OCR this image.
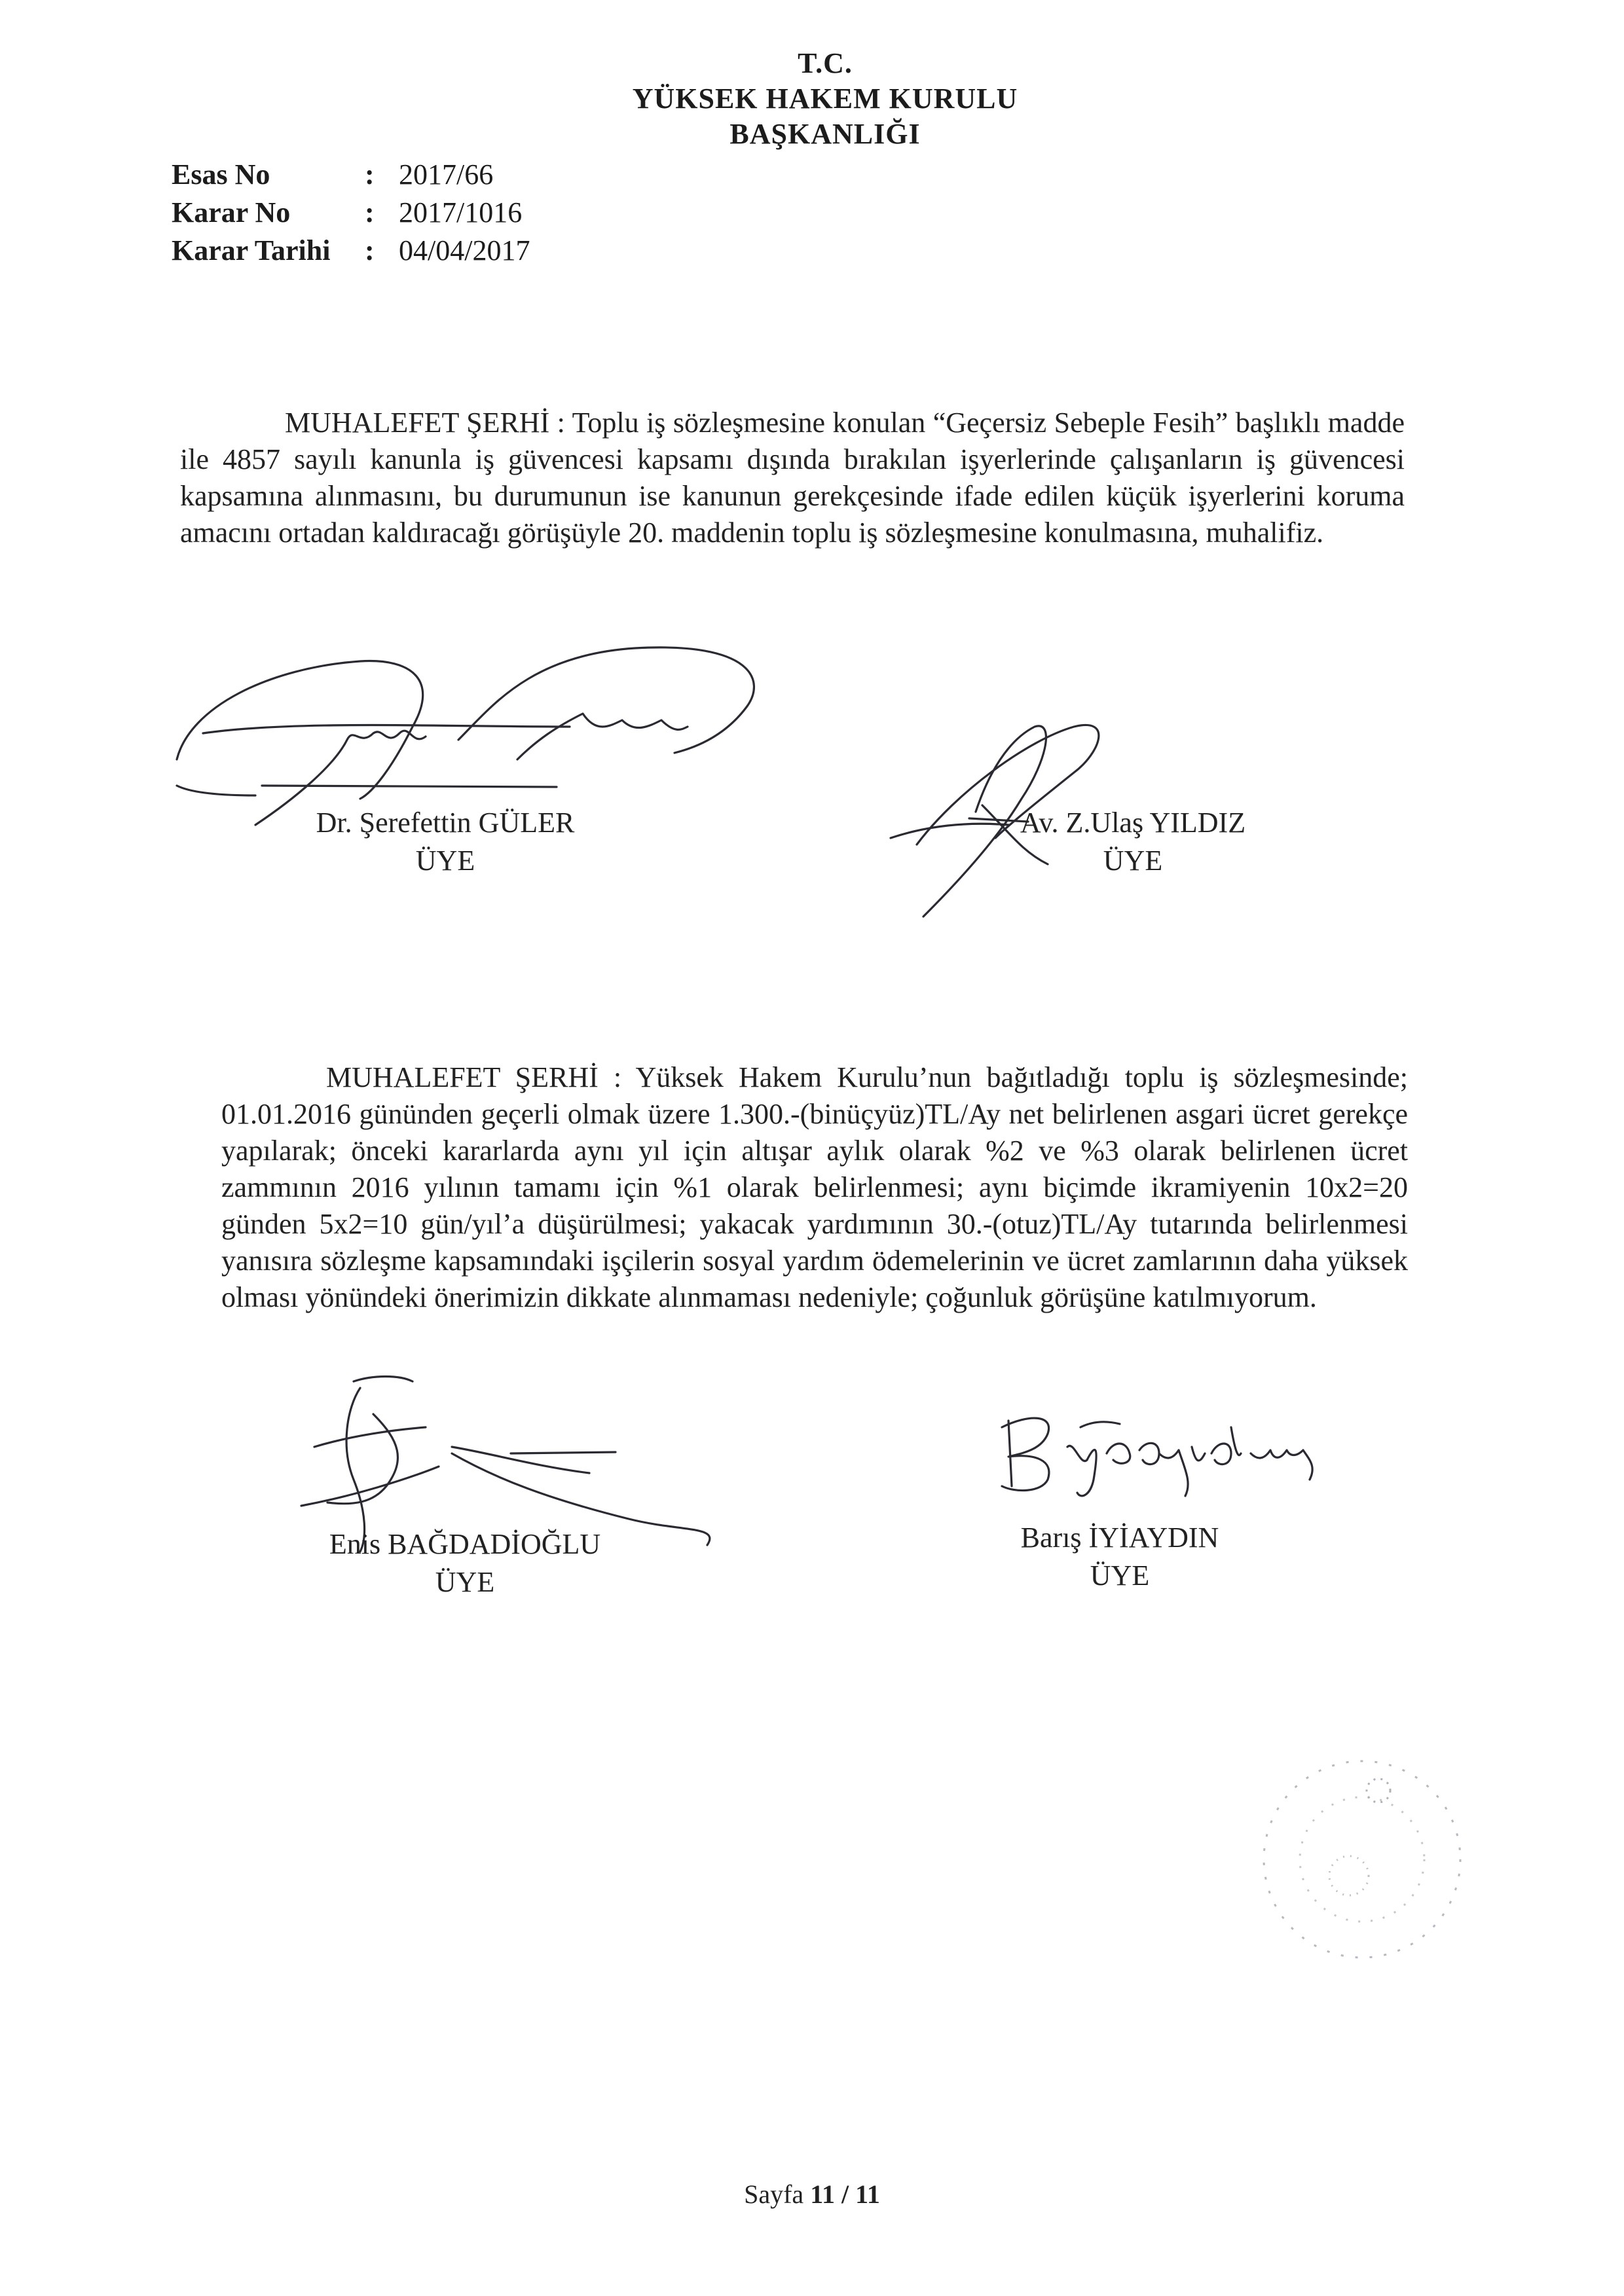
T.C.
YÜKSEK HAKEM KURULU
BAŞKANLIĞI
Esas No	: 2017/66
Karar No	: 2017/1016
Karar Tarihi	: 04/04/2017
MUHALEFET ŞERHİ : Toplu iş sözleşmesine konulan “Geçersiz Sebeple Fesih” başlıklı madde ile 4857 sayılı kanunla iş güvencesi kapsamı dışında bırakılan işyerlerinde çalışanların iş güvencesi kapsamına alınmasını, bu durumunun ise kanunun gerekçesinde ifade edilen küçük işyerlerini koruma amacını ortadan kaldıracağı görüşüyle 20. maddenin toplu iş sözleşmesine konulmasına, muhalifiz.
Dr. Şerefettin GÜLER
ÜYE
Av. Z.Ulaş YILDIZ
ÜYE
MUHALEFET ŞERHİ : Yüksek Hakem Kurulu’nun bağıtladığı toplu iş sözleşmesinde; 01.01.2016 gününden geçerli olmak üzere 1.300.-(binüçyüz)TL/Ay net belirlenen asgari ücret gerekçe yapılarak; önceki kararlarda aynı yıl için altışar aylık olarak %2 ve %3 olarak belirlenen ücret zammının 2016 yılının tamamı için %1 olarak belirlenmesi; aynı biçimde ikramiyenin 10x2=20 günden 5x2=10 gün/yıl’a düşürülmesi; yakacak yardımının 30.-(otuz)TL/Ay tutarında belirlenmesi yanısıra sözleşme kapsamındaki işçilerin sosyal yardım ödemelerinin ve ücret zamlarının daha yüksek olması yönündeki önerimizin dikkate alınmaması nedeniyle; çoğunluk görüşüne katılmıyorum.
Enis BAĞDADİOĞLU
ÜYE
Barış İYİAYDIN
ÜYE
Sayfa 11 / 11
